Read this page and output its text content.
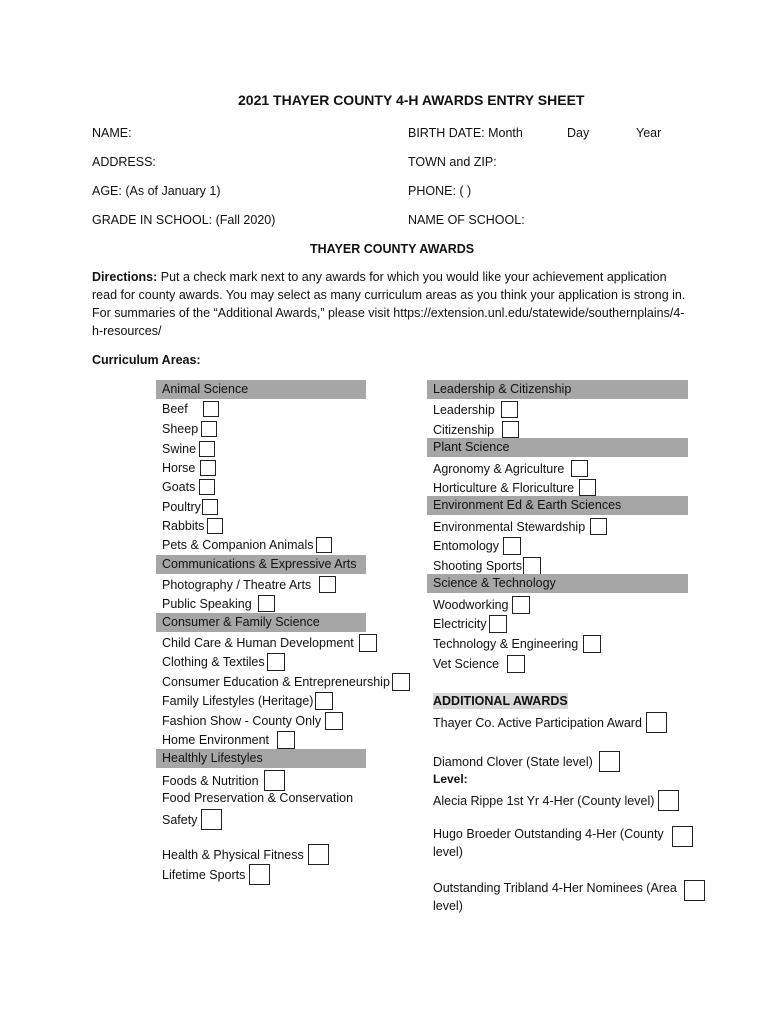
2021 THAYER COUNTY 4-H AWARDS ENTRY SHEET
NAME:	BIRTH DATE: Month	Day	Year
ADDRESS:	TOWN and ZIP:
AGE: (As of January 1)	PHONE: ( )
GRADE IN SCHOOL: (Fall 2020)	NAME OF SCHOOL:
THAYER COUNTY AWARDS
Directions: Put a check mark next to any awards for which you would like your achievement application read for county awards. You may select as many curriculum areas as you think your application is strong in. For summaries of the “Additional Awards,” please visit https://extension.unl.edu/statewide/southernplains/4-h-resources/
Curriculum Areas:
Animal Science
Beef
Sheep
Swine
Horse
Goats
Poultry
Rabbits
Pets & Companion Animals
Communications & Expressive Arts
Photography / Theatre Arts
Public Speaking
Consumer & Family Science
Child Care & Human Development
Clothing & Textiles
Consumer Education & Entrepreneurship
Family Lifestyles (Heritage)
Fashion Show - County Only
Home Environment
Healthly Lifestyles
Foods & Nutrition
Food Preservation & Conservation
Safety
Health & Physical Fitness
Lifetime Sports
Leadership & Citizenship
Leadership
Citizenship
Plant Science
Agronomy & Agriculture
Horticulture & Floriculture
Environment Ed & Earth Sciences
Environmental Stewardship
Entomology
Shooting Sports
Science & Technology
Woodworking
Electricity
Technology & Engineering
Vet Science
ADDITIONAL AWARDS
Thayer Co. Active Participation Award
Diamond Clover (State level)
Level:
Alecia Rippe 1st Yr 4-Her (County level)
Hugo Broeder Outstanding 4-Her (County level)
Outstanding Tribland 4-Her Nominees (Area level)
